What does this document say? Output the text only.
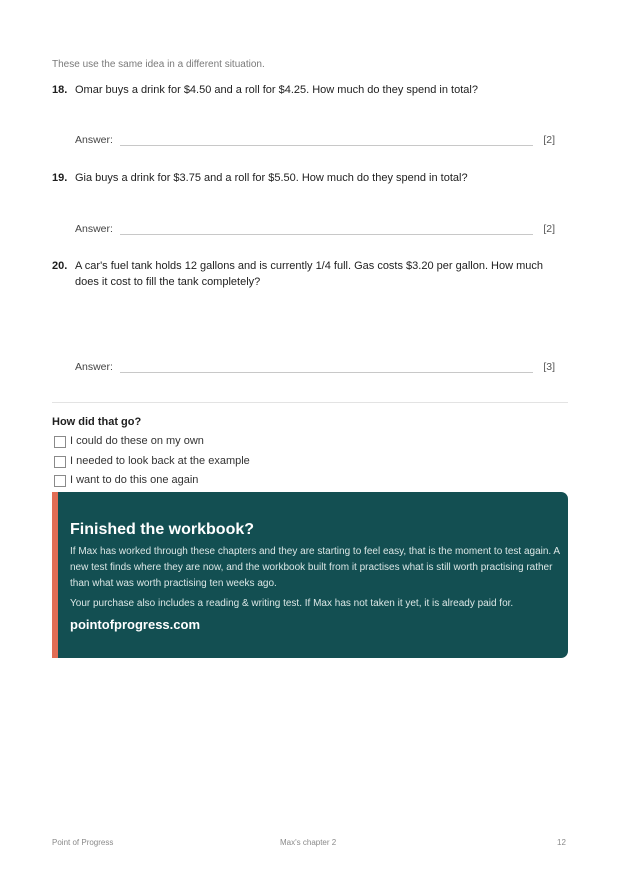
These use the same idea in a different situation.
18. Omar buys a drink for $4.50 and a roll for $4.25. How much do they spend in total?
Answer:	[2]
19. Gia buys a drink for $3.75 and a roll for $5.50. How much do they spend in total?
Answer:	[2]
20. A car's fuel tank holds 12 gallons and is currently 1/4 full. Gas costs $3.20 per gallon. How much does it cost to fill the tank completely?
Answer:	[3]
How did that go?
I could do these on my own
I needed to look back at the example
I want to do this one again
Finished the workbook?
If Max has worked through these chapters and they are starting to feel easy, that is the moment to test again. A new test finds where they are now, and the workbook built from it practises what is still worth practising rather than what was worth practising ten weeks ago.
Your purchase also includes a reading & writing test. If Max has not taken it yet, it is already paid for.
pointofprogress.com
Point of Progress	Max's chapter 2	12
